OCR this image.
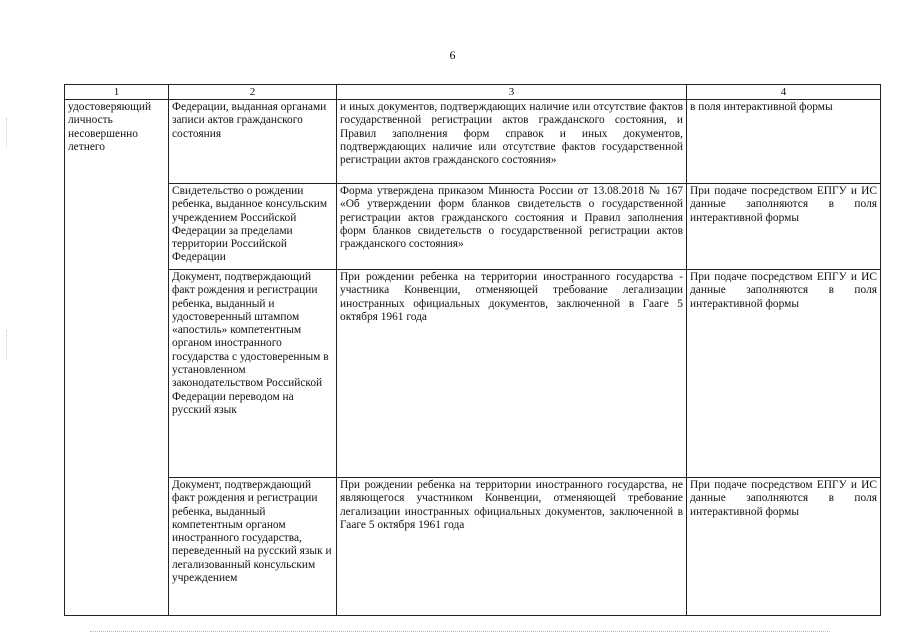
6
1	2	3	4
удостоверяющий личность несовершенно летнего	Федерации, выданная органами записи актов гражданского состояния	и иных документов, подтверждающих наличие или отсутствие фактов государственной регистрации актов гражданского состояния, и Правил заполнения форм справок и иных документов, подтверждающих наличие или отсутствие фактов государственной регистрации актов гражданского состояния»	в поля интерактивной формы
	Свидетельство о рождении ребенка, выданное консульским учреждением Российской Федерации за пределами территории Российской Федерации	Форма утверждена приказом Минюста России от 13.08.2018 № 167 «Об утверждении форм бланков свидетельств о государственной регистрации актов гражданского состояния и Правил заполнения форм бланков свидетельств о государственной регистрации актов гражданского состояния»	При подаче посредством ЕПГУ и ИС данные заполняются в поля интерактивной формы
	Документ, подтверждающий факт рождения и регистрации ребенка, выданный и удостоверенный штампом «апостиль» компетентным органом иностранного государства с удостоверенным в установленном законодательством Российской Федерации переводом на русский язык	При рождении ребенка на территории иностранного государства - участника Конвенции, отменяющей требование легализации иностранных официальных документов, заключенной в Гааге 5 октября 1961 года	При подаче посредством ЕПГУ и ИС данные заполняются в поля интерактивной формы
	Документ, подтверждающий факт рождения и регистрации ребенка, выданный компетентным органом иностранного государства, переведенный на русский язык и легализованный консульским учреждением	При рождении ребенка на территории иностранного государства, не являющегося участником Конвенции, отменяющей требование легализации иностранных официальных документов, заключенной в Гааге 5 октября 1961 года	При подаче посредством ЕПГУ и ИС данные заполняются в поля интерактивной формы
